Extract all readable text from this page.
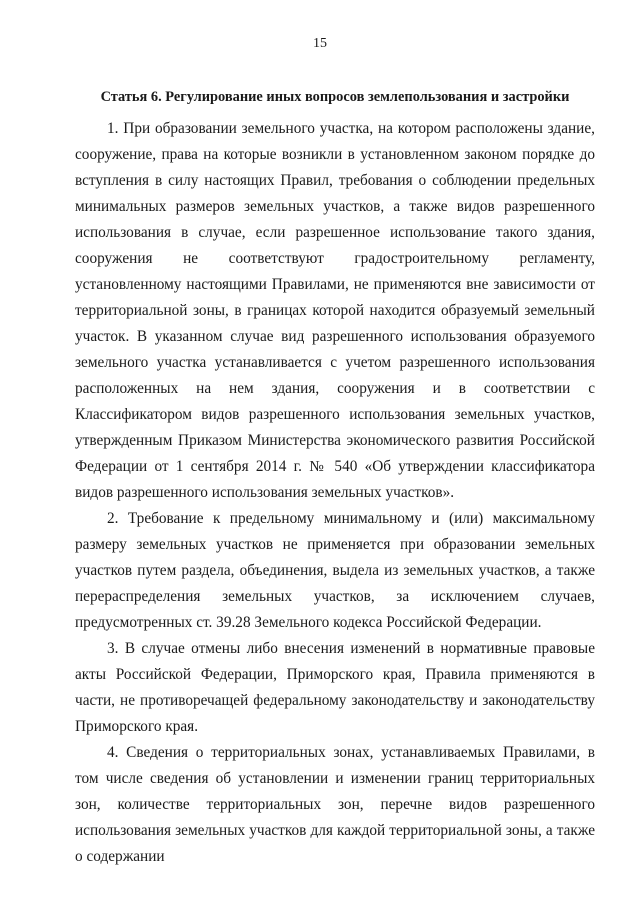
15
Статья 6. Регулирование иных вопросов землепользования и застройки

1. При образовании земельного участка, на котором расположены здание, сооружение, права на которые возникли в установленном законом порядке до вступления в силу настоящих Правил, требования о соблюдении предельных минимальных размеров земельных участков, а также видов разрешенного использования в случае, если разрешенное использование такого здания, сооружения не соответствуют градостроительному регламенту, установленному настоящими Правилами, не применяются вне зависимости от территориальной зоны, в границах которой находится образуемый земельный участок. В указанном случае вид разрешенного использования образуемого земельного участка устанавливается с учетом разрешенного использования расположенных на нем здания, сооружения и в соответствии с Классификатором видов разрешенного использования земельных участков, утвержденным Приказом Министерства экономического развития Российской Федерации от 1 сентября 2014 г. № 540 «Об утверждении классификатора видов разрешенного использования земельных участков».

2. Требование к предельному минимальному и (или) максимальному размеру земельных участков не применяется при образовании земельных участков путем раздела, объединения, выдела из земельных участков, а также перераспределения земельных участков, за исключением случаев, предусмотренных ст. 39.28 Земельного кодекса Российской Федерации.

3. В случае отмены либо внесения изменений в нормативные правовые акты Российской Федерации, Приморского края, Правила применяются в части, не противоречащей федеральному законодательству и законодательству Приморского края.

4. Сведения о территориальных зонах, устанавливаемых Правилами, в том числе сведения об установлении и изменении границ территориальных зон, количестве территориальных зон, перечне видов разрешенного использования земельных участков для каждой территориальной зоны, а также о содержании
